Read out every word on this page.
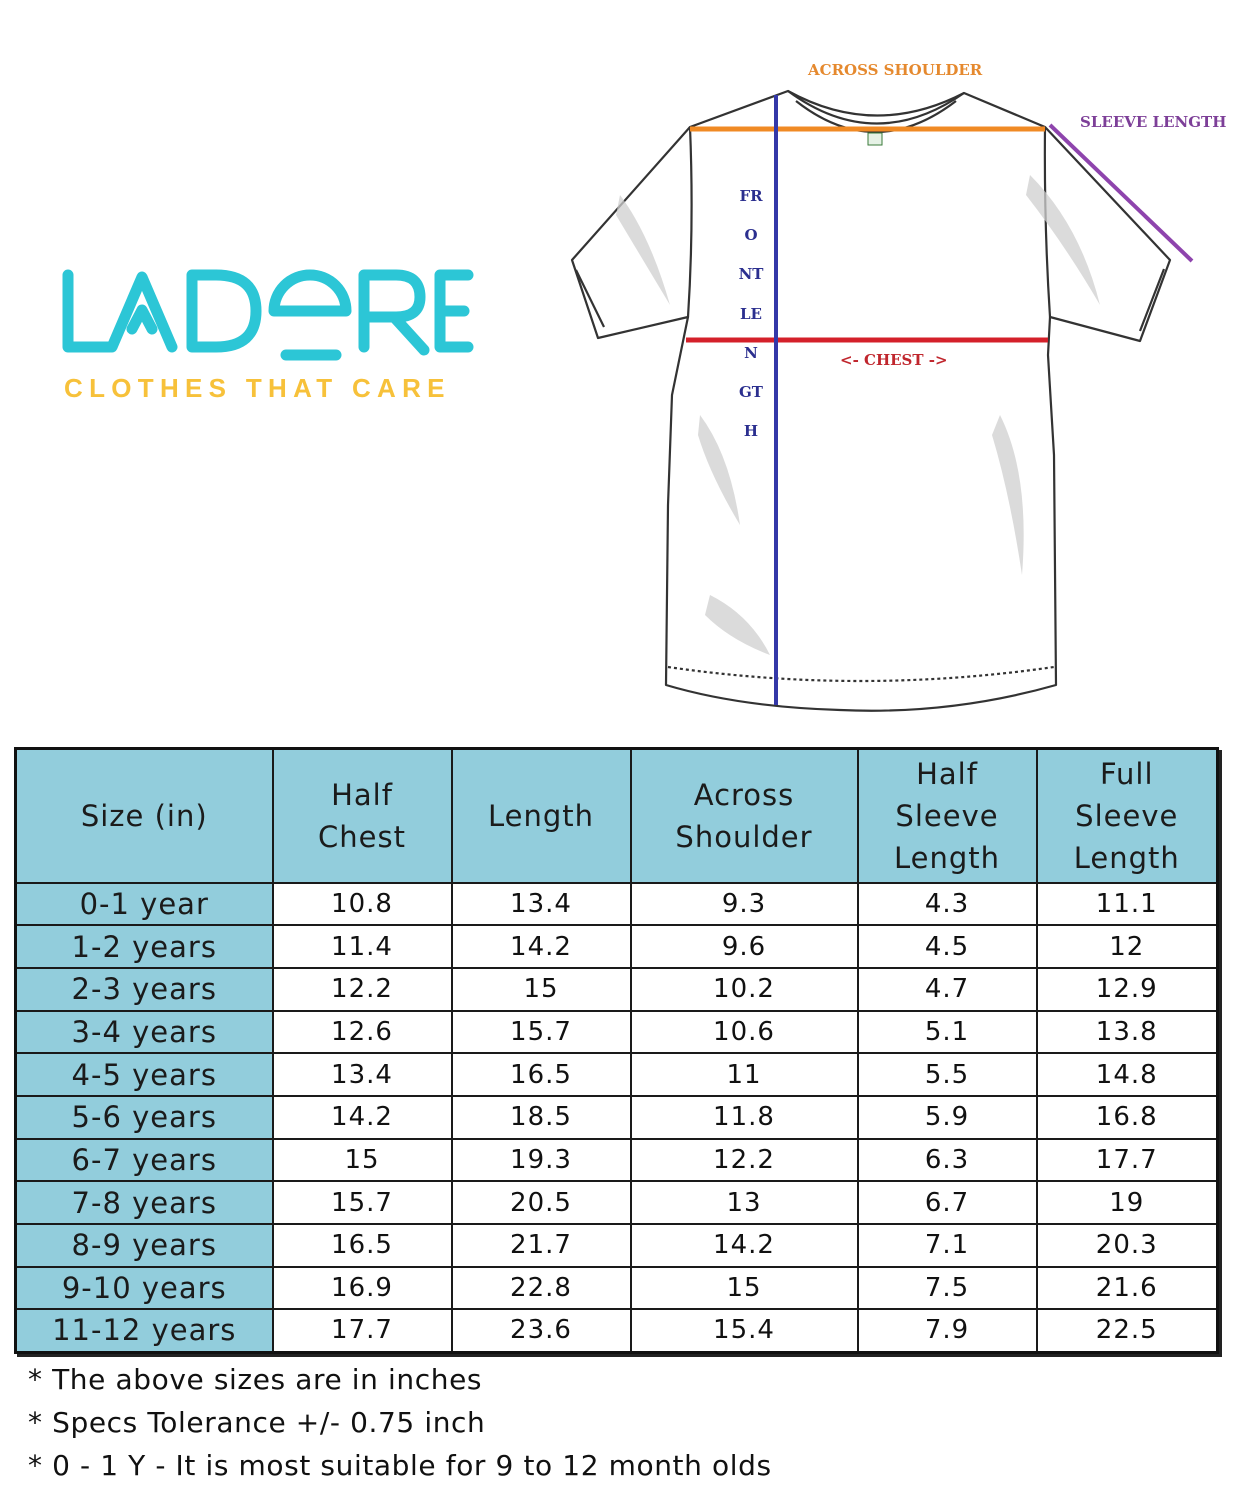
CLOTHES THAT CARE
ACROSS SHOULDER
SLEEVE LENGTH
<- CHEST ->
FRONTLENGTH
Size (in)	Half Chest	Length	Across Shoulder	Half Sleeve Length	Full Sleeve Length
0-1 year	10.8	13.4	9.3	4.3	11.1
1-2 years	11.4	14.2	9.6	4.5	12
2-3 years	12.2	15	10.2	4.7	12.9
3-4 years	12.6	15.7	10.6	5.1	13.8
4-5 years	13.4	16.5	11	5.5	14.8
5-6 years	14.2	18.5	11.8	5.9	16.8
6-7 years	15	19.3	12.2	6.3	17.7
7-8 years	15.7	20.5	13	6.7	19
8-9 years	16.5	21.7	14.2	7.1	20.3
9-10 years	16.9	22.8	15	7.5	21.6
11-12 years	17.7	23.6	15.4	7.9	22.5
* The above sizes are in inches
* Specs Tolerance +/- 0.75 inch
* 0 - 1 Y - It is most suitable for 9 to 12 month olds
